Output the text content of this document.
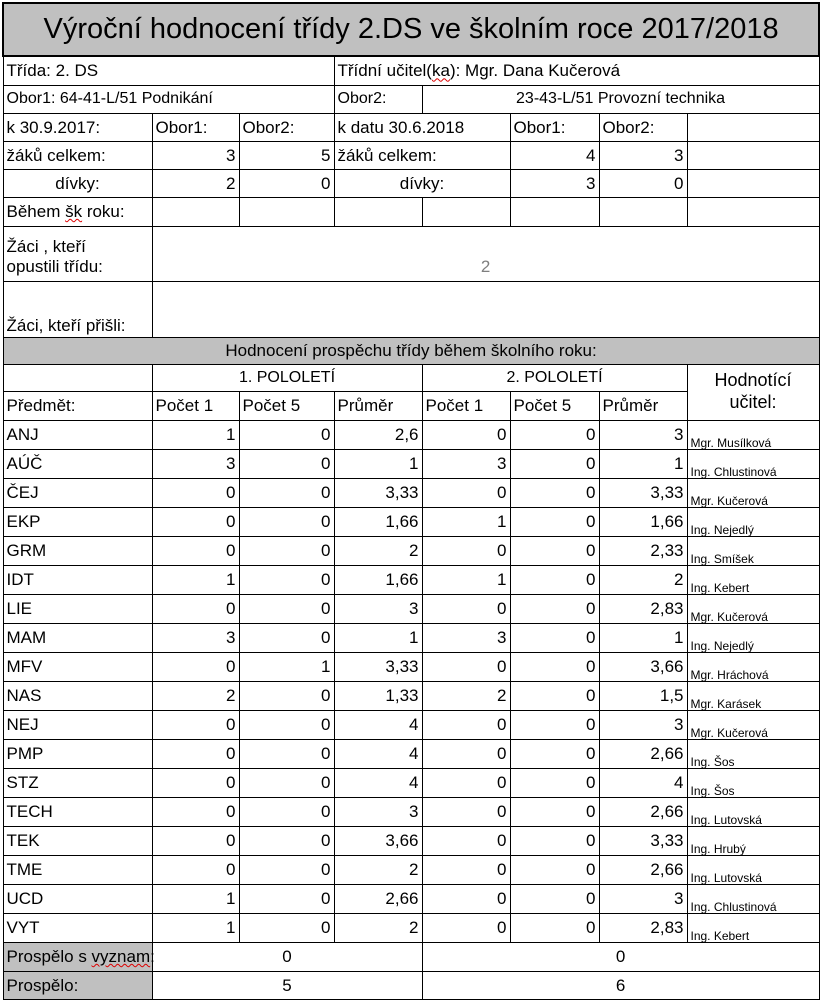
Výroční hodnocení třídy 2.DS ve školním roce 2017/2018							
Třída: 2. DS			Třídní učitel(ka): Mgr. Dana Kučerová				
Obor1: 64-41-L/51 Podnikání			Obor2:	23-43-L/51 Provozní technika			
k 30.9.2017:	Obor1:	Obor2:	k datu 30.6.2018		Obor1:	Obor2:	
žáků celkem:	3	5	žáků celkem:		4	3	
dívky:	2	0	dívky:		3	0	
Během šk roku:							
Žáci , kteří
opustili třídu:	2						
Žáci, kteří přišli:							
Hodnocení prospěchu třídy během školního roku:							
	1. POLOLETÍ			2. POLOLETÍ			Hodnotící
učitel:
Předmět:	Počet 1	Počet 5	Průměr	Počet 1	Počet 5	Průměr	
ANJ	1	0	2,6	0	0	3	Mgr. Musílková
AÚČ	3	0	1	3	0	1	Ing. Chlustinová
ČEJ	0	0	3,33	0	0	3,33	Mgr. Kučerová
EKP	0	0	1,66	1	0	1,66	Ing. Nejedlý
GRM	0	0	2	0	0	2,33	Ing. Smíšek
IDT	1	0	1,66	1	0	2	Ing. Kebert
LIE	0	0	3	0	0	2,83	Mgr. Kučerová
MAM	3	0	1	3	0	1	Ing. Nejedlý
MFV	0	1	3,33	0	0	3,66	Mgr. Hráchová
NAS	2	0	1,33	2	0	1,5	Mgr. Karásek
NEJ	0	0	4	0	0	3	Mgr. Kučerová
PMP	0	0	4	0	0	2,66	Ing. Šos
STZ	0	0	4	0	0	4	Ing. Šos
TECH	0	0	3	0	0	2,66	Ing. Lutovská
TEK	0	0	3,66	0	0	3,33	Ing. Hrubý
TME	0	0	2	0	0	2,66	Ing. Lutovská
UCD	1	0	2,66	0	0	3	Ing. Chlustinová
VYT	1	0	2	0	0	2,83	Ing. Kebert
Prospělo s vyznam:	0			0			
Prospělo:	5			6			
